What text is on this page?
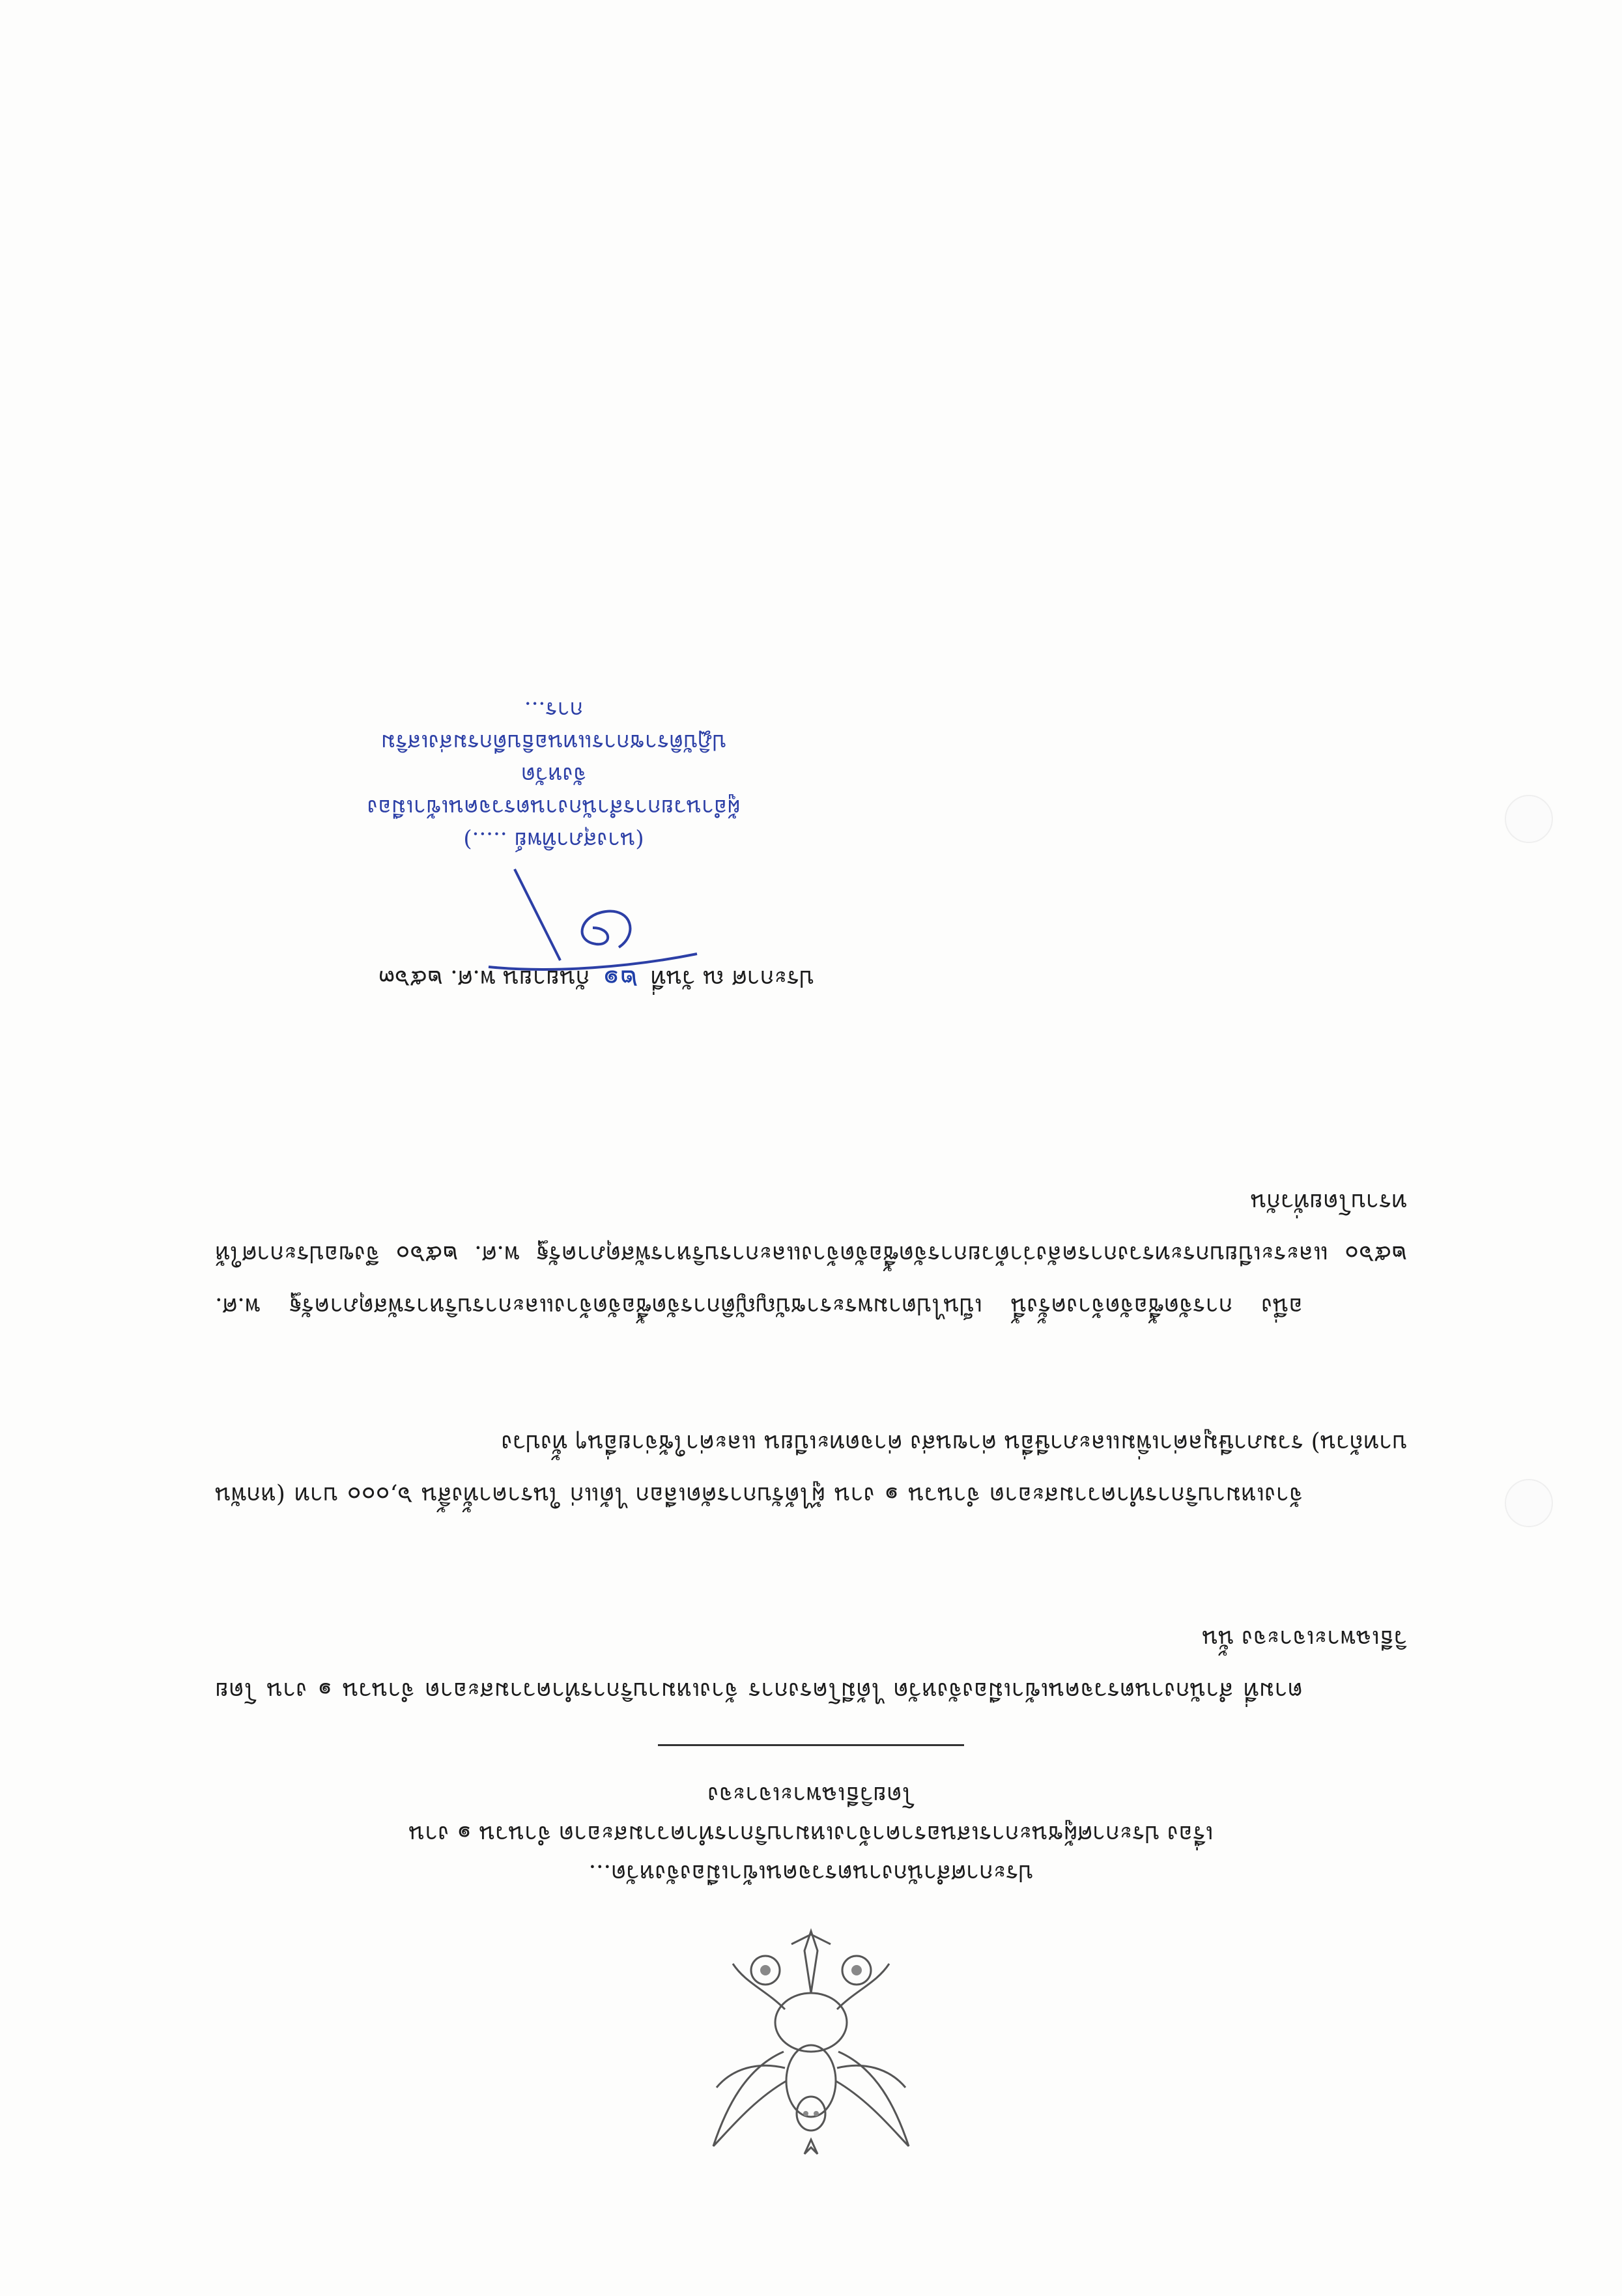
ประกาศสำนักงานตรวจคนเข้าเมืองจังหวัด...
เรื่อง ประกาศผู้ชนะการเสนอราคาจ้างเหมาบริการทำความสะอาด จำนวน ๑ งาน
โดยวิธีเฉพาะเจาะจง
ตามที่ สำนักงานตรวจคนเข้าเมืองจังหวัด ได้มีโครงการ จ้างเหมาบริการทำความสะอาด จำนวน ๑ งาน โดยวิธีเฉพาะเจาะจง นั้น
จ้างเหมาบริการทำความสะอาด จำนวน ๑ งาน ผู้ได้รับการคัดเลือก ได้แก่ ในราคาทั้งสิ้น ๖,๐๐๐ บาท (หกพันบาทถ้วน) รวมภาษีมูลค่าเพิ่มและภาษีอื่น ค่าขนส่ง ค่าจดทะเบียน และค่าใช้จ่ายอื่นๆ ทั้งปวง
อนึ่ง การจัดซื้อจัดจ้างครั้งนี้ เป็นไปตามพระราชบัญญัติการจัดซื้อจัดจ้างและการบริหารพัสดุภาครัฐ พ.ศ. ๒๕๖๐ และระเบียบกระทรวงการคลังว่าด้วยการจัดซื้อจัดจ้างและการบริหารพัสดุภาครัฐ พ.ศ. ๒๕๖๐ จึงขอประกาศให้ทราบโดยทั่วกัน
ประกาศ ณ วันที่ ๒๑ กันยายน พ.ศ. ๒๕๖๓
(นางสุภาทิพย์ .....)
ผู้อำนวยการสำนักงานตรวจคนเข้าเมืองจังหวัด
ปฏิบัติราชการแทนอธิบดีกรมส่งเสริมการ...
